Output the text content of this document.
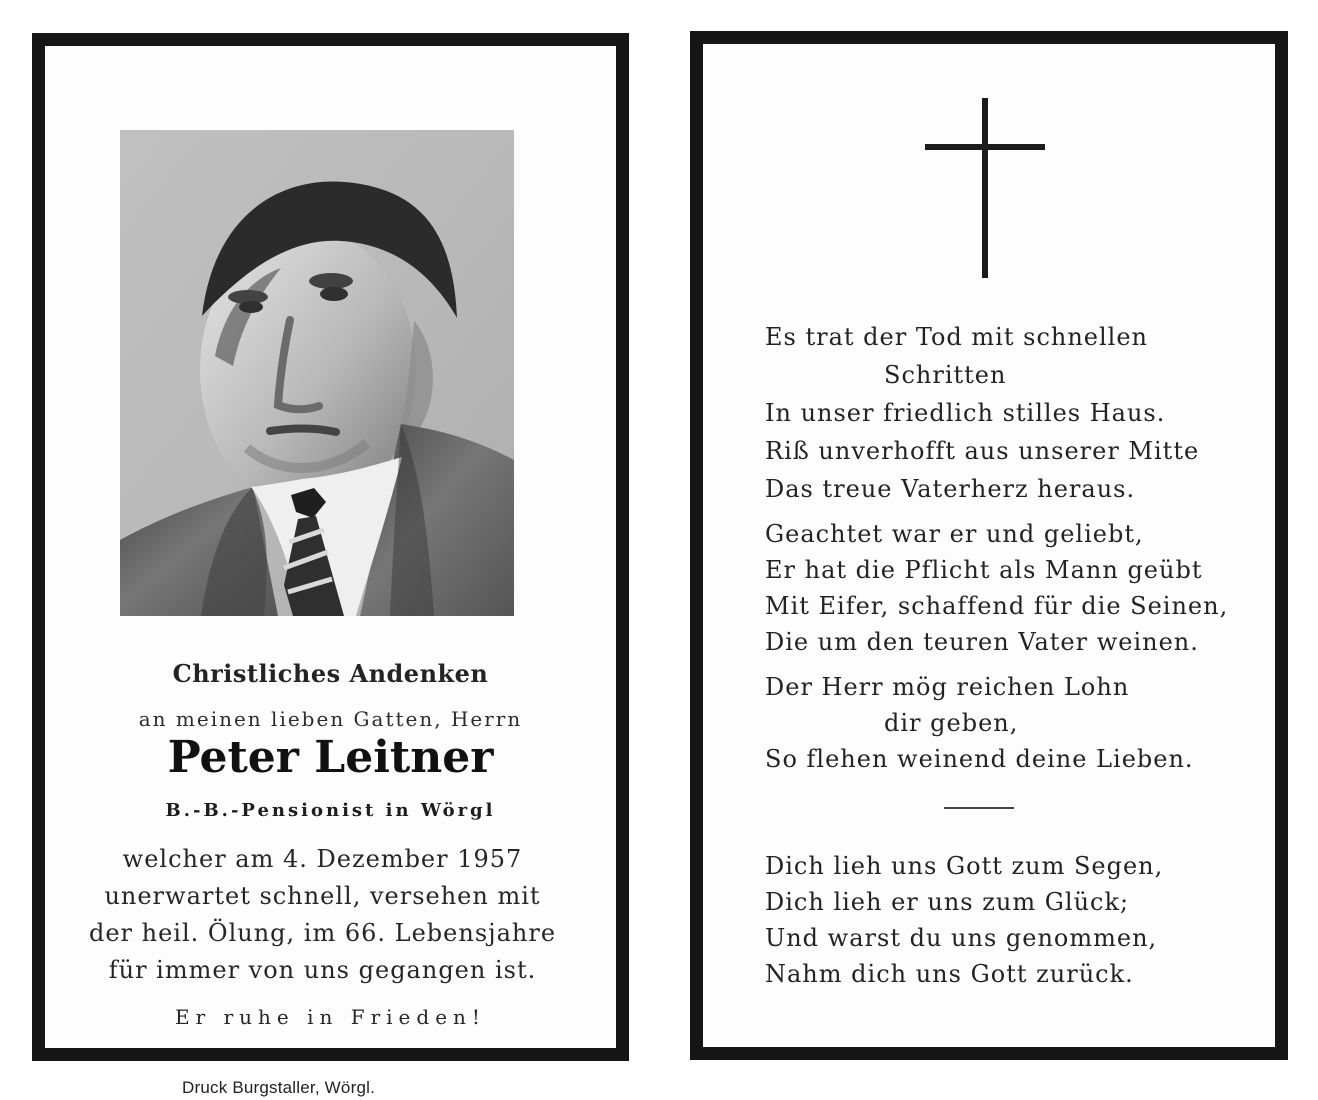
Christliches Andenken
an meinen lieben Gatten, Herrn
Peter Leitner
B.-B.-Pensionist in Wörgl
welcher am 4. Dezember 1957 unerwartet schnell, versehen mit der heil. Ölung, im 66. Lebensjahre für immer von uns gegangen ist.
Er ruhe in Frieden!
Es trat der Tod mit schnellen
Schritten
In unser friedlich stilles Haus.
Riß unverhofft aus unserer Mitte
Das treue Vaterherz heraus.
Geachtet war er und geliebt,
Er hat die Pflicht als Mann geübt
Mit Eifer, schaffend für die Seinen,
Die um den teuren Vater weinen.
Der Herr mög reichen Lohn
dir geben,
So flehen weinend deine Lieben.
Dich lieh uns Gott zum Segen,
Dich lieh er uns zum Glück;
Und warst du uns genommen,
Nahm dich uns Gott zurück.
Druck Burgstaller, Wörgl.
